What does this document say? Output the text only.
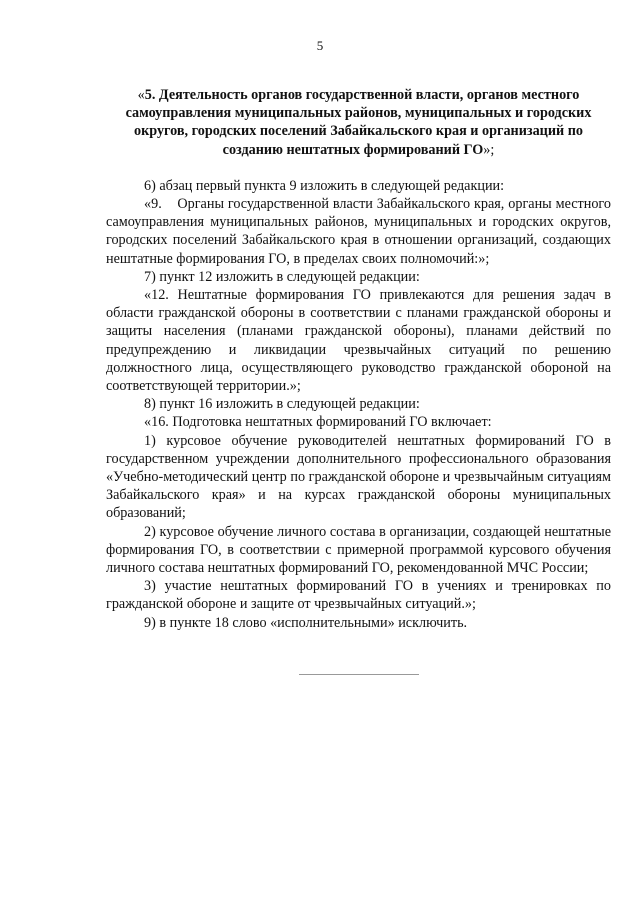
5

«5. Деятельность органов государственной власти, органов местного самоуправления муниципальных районов, муниципальных и городских округов, городских поселений Забайкальского края и организаций по созданию нештатных формирований ГО»;

6) абзац первый пункта 9 изложить в следующей редакции:

«9.    Органы государственной власти Забайкальского края, органы местного самоуправления муниципальных районов, муниципальных и городских округов, городских поселений Забайкальского края в отношении организаций, создающих нештатные формирования ГО, в пределах своих полномочий:»;

7) пункт 12 изложить в следующей редакции:

«12. Нештатные формирования ГО привлекаются для решения задач в области гражданской обороны в соответствии с планами гражданской обороны и защиты населения (планами гражданской обороны), планами действий по предупреждению и ликвидации чрезвычайных ситуаций по решению должностного лица, осуществляющего руководство гражданской обороной на соответствующей территории.»;

8) пункт 16 изложить в следующей редакции:

«16. Подготовка нештатных формирований ГО включает:

1) курсовое обучение руководителей нештатных формирований ГО в государственном учреждении дополнительного профессионального образования «Учебно-методический центр по гражданской обороне и чрезвычайным ситуациям Забайкальского края» и на курсах гражданской обороны муниципальных образований;

2) курсовое обучение личного состава в организации, создающей нештатные формирования ГО, в соответствии с примерной программой курсового обучения личного состава нештатных формирований ГО, рекомендованной МЧС России;

3) участие нештатных формирований ГО в учениях и тренировках по гражданской обороне и защите от чрезвычайных ситуаций.»;

9) в пункте 18 слово «исполнительными» исключить.
